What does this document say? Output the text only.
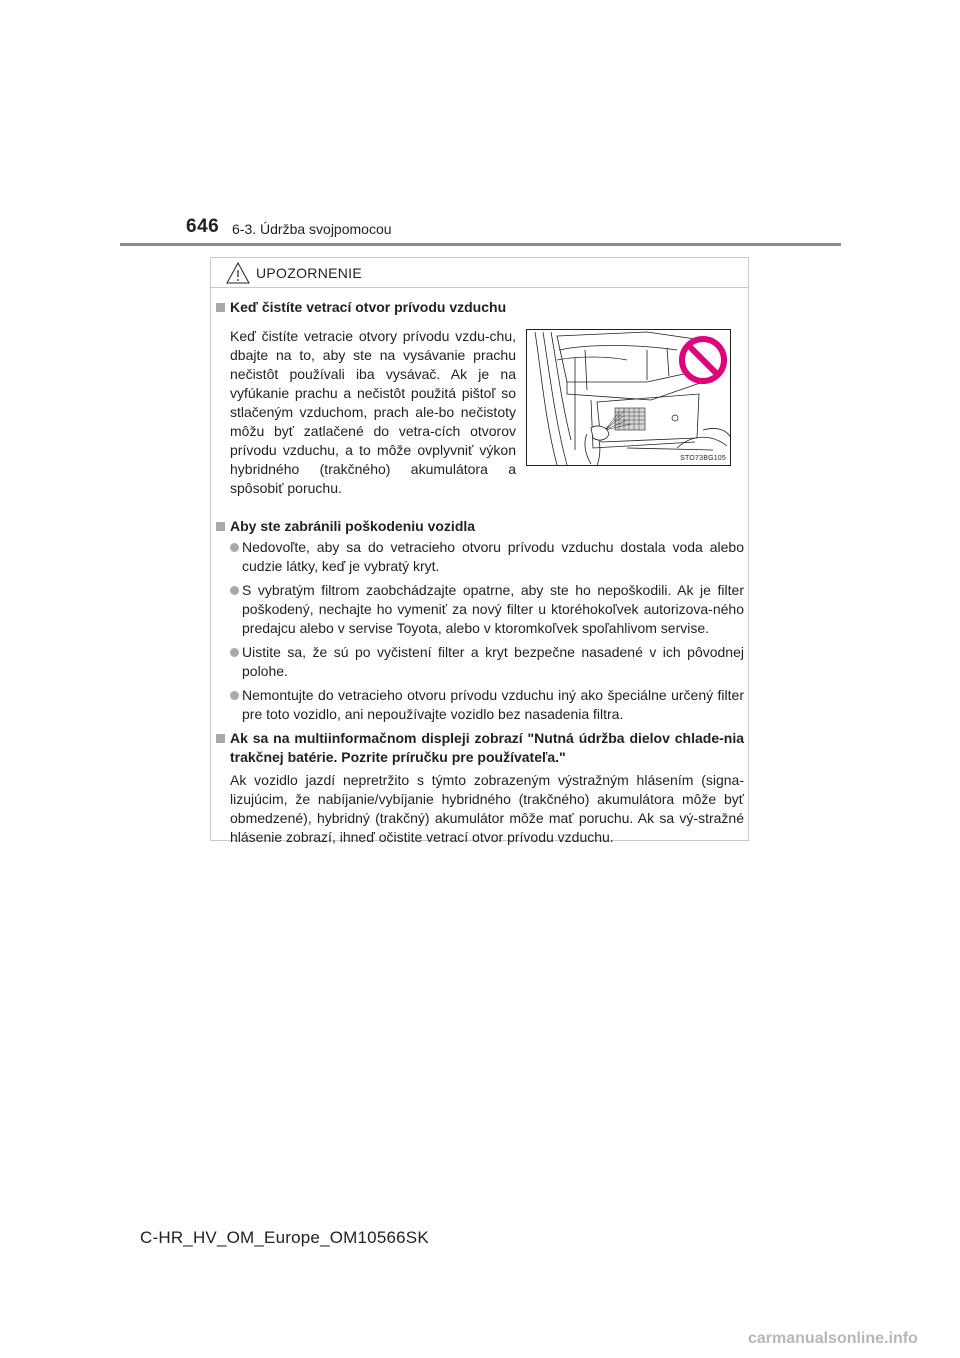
646 6-3. Údržba svojpomocou
UPOZORNENIE
Keď čistíte vetrací otvor prívodu vzduchu
Keď čistíte vetracie otvory prívodu vzdu-chu, dbajte na to, aby ste na vysávanie prachu nečistôt používali iba vysávač. Ak je na vyfúkanie prachu a nečistôt použitá pištoľ so stlačeným vzduchom, prach ale-bo nečistoty môžu byť zatlačené do vetra-cích otvorov prívodu vzduchu, a to môže ovplyvniť výkon hybridného (trakčného) akumulátora a spôsobiť poruchu.
STO73BG105
Aby ste zabránili poškodeniu vozidla
Nedovoľte, aby sa do vetracieho otvoru prívodu vzduchu dostala voda alebo cudzie látky, keď je vybratý kryt.
S vybratým filtrom zaobchádzajte opatrne, aby ste ho nepoškodili. Ak je filter poškodený, nechajte ho vymeniť za nový filter u ktoréhokoľvek autorizova-ného predajcu alebo v servise Toyota, alebo v ktoromkoľvek spoľahlivom servise.
Uistite sa, že sú po vyčistení filter a kryt bezpečne nasadené v ich pôvodnej polohe.
Nemontujte do vetracieho otvoru prívodu vzduchu iný ako špeciálne určený filter pre toto vozidlo, ani nepoužívajte vozidlo bez nasadenia filtra.
Ak sa na multiinformačnom displeji zobrazí "Nutná údržba dielov chlade-nia trakčnej batérie. Pozrite príručku pre používateľa."
Ak vozidlo jazdí nepretržito s týmto zobrazeným výstražným hlásením (signa-lizujúcim, že nabíjanie/vybíjanie hybridného (trakčného) akumulátora môže byť obmedzené), hybridný (trakčný) akumulátor môže mať poruchu. Ak sa vý-stražné hlásenie zobrazí, ihneď očistite vetrací otvor prívodu vzduchu.
C-HR_HV_OM_Europe_OM10566SK
carmanualsonline.info
